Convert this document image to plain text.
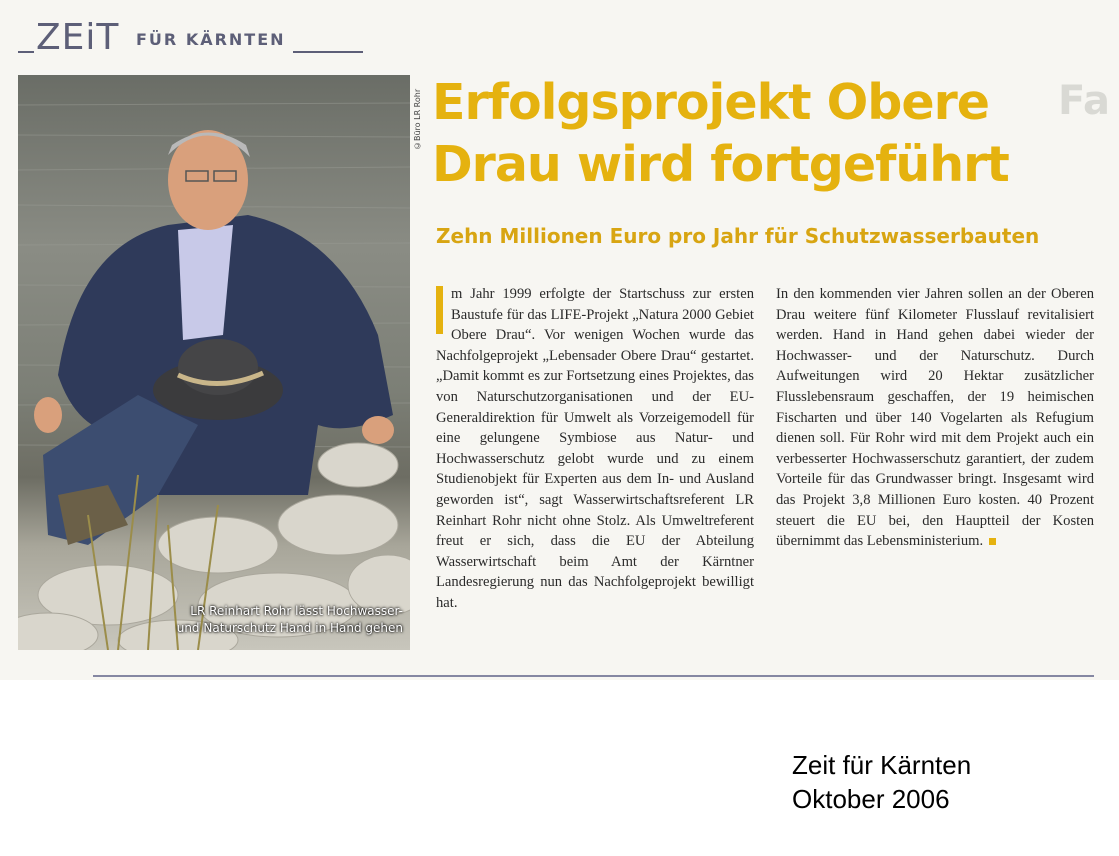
ZEiT FÜR KÄRNTEN
LR Reinhart Rohr lässt Hochwasser- und Naturschutz Hand in Hand gehen
©Büro LR Rohr	Fa
Erfolgsprojekt Obere
Drau wird fortgeführt
Zehn Millionen Euro pro Jahr für Schutzwasserbauten
m Jahr 1999 erfolgte der Startschuss zur ersten Baustufe für das LIFE-Projekt „Natura 2000 Gebiet Obere Drau“. Vor wenigen Wochen wurde das Nachfolgeprojekt „Lebensader Obere Drau“ gestartet. „Damit kommt es zur Fortsetzung eines Projektes, das von Naturschutzorganisationen und der EU-Generaldirektion für Umwelt als Vorzeigemodell für eine gelungene Symbiose aus Natur- und Hochwasserschutz gelobt wurde und zu einem Studienobjekt für Experten aus dem In- und Ausland geworden ist“, sagt Wasserwirtschaftsreferent LR Reinhart Rohr nicht ohne Stolz. Als Umweltreferent freut er sich, dass die EU der Abteilung Wasserwirtschaft beim Amt der Kärntner Landesregierung nun das Nachfolgeprojekt bewilligt hat.
In den kommenden vier Jahren sollen an der Oberen Drau weitere fünf Kilometer Flusslauf revitalisiert werden. Hand in Hand gehen dabei wieder der Hochwasser- und der Naturschutz. Durch Aufweitungen wird 20 Hektar zusätzlicher Flusslebensraum geschaffen, der 19 heimischen Fischarten und über 140 Vogelarten als Refugium dienen soll. Für Rohr wird mit dem Projekt auch ein verbesserter Hochwasserschutz garantiert, der zudem Vorteile für das Grundwasser bringt. Insgesamt wird das Projekt 3,8 Millionen Euro kosten. 40 Prozent steuert die EU bei, den Hauptteil der Kosten übernimmt das Lebensministerium.
Zeit für Kärnten
Oktober 2006
